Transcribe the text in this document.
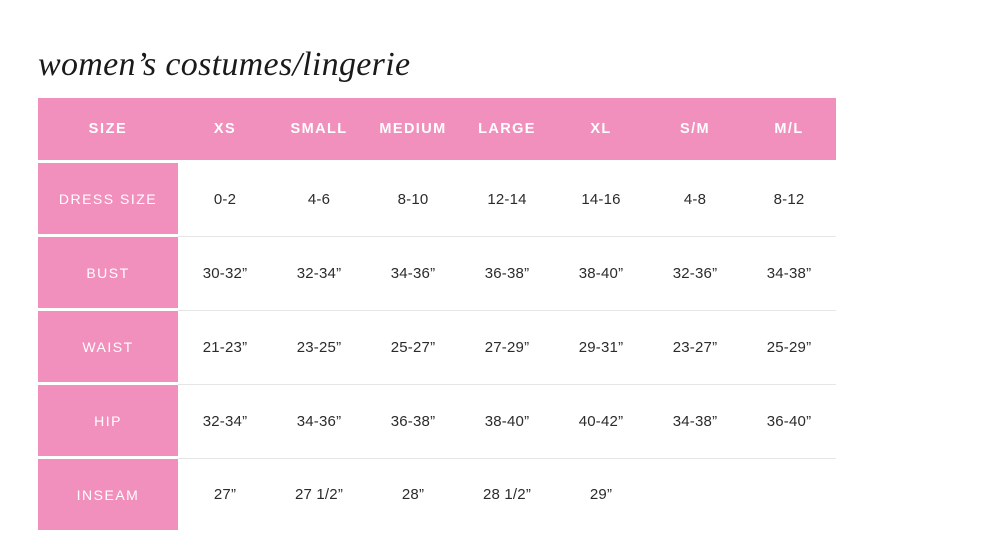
women’s costumes/lingerie
SIZE	XS	SMALL	MEDIUM	LARGE	XL	S/M	M/L
DRESS SIZE	0-2	4-6	8-10	12-14	14-16	4-8	8-12
BUST	30-32”	32-34”	34-36”	36-38”	38-40”	32-36”	34-38”
WAIST	21-23”	23-25”	25-27”	27-29”	29-31”	23-27”	25-29”
HIP	32-34”	34-36”	36-38”	38-40”	40-42”	34-38”	36-40”
INSEAM	27”	27 1/2”	28”	28 1/2”	29”		
